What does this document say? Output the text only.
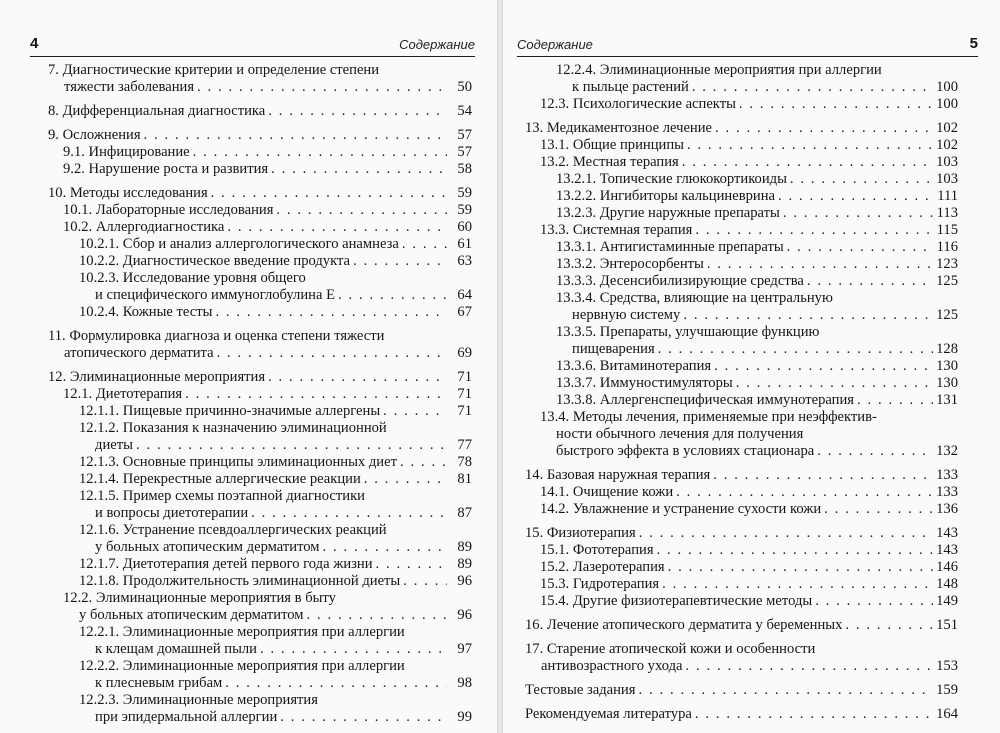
4	Содержание
7. Диагностические критерии и определение степени
тяжести заболевания . . .	50
8. Дифференциальная диагностика . . .	54
9. Осложнения . . .	57
9.1. Инфицирование . . .	57
9.2. Нарушение роста и развития . . .	58
10. Методы исследования . . .	59
10.1. Лабораторные исследования . . .	59
10.2. Аллергодиагностика . . .	60
10.2.1. Сбор и анализ аллергологического анамнеза . . .	61
10.2.2. Диагностическое введение продукта . . .	63
10.2.3. Исследование уровня общего
и специфического иммуноглобулина Е . . .	64
10.2.4. Кожные тесты . . .	67
11. Формулировка диагноза и оценка степени тяжести
атопического дерматита . . .	69
12. Элиминационные мероприятия . . .	71
12.1. Диетотерапия . . .	71
12.1.1. Пищевые причинно-значимые аллергены . . .	71
12.1.2. Показания к назначению элиминационной
диеты . . .	77
12.1.3. Основные принципы элиминационных диет . . .	78
12.1.4. Перекрестные аллергические реакции . . .	81
12.1.5. Пример схемы поэтапной диагностики
и вопросы диетотерапии . . .	87
12.1.6. Устранение псевдоаллергических реакций
у больных атопическим дерматитом . . .	89
12.1.7. Диетотерапия детей первого года жизни . . .	89
12.1.8. Продолжительность элиминационной диеты . . .	96
12.2. Элиминационные мероприятия в быту
у больных атопическим дерматитом . . .	96
12.2.1. Элиминационные мероприятия при аллергии
к клещам домашней пыли . . .	97
12.2.2. Элиминационные мероприятия при аллергии
к плесневым грибам . . .	98
12.2.3. Элиминационные мероприятия
при эпидермальной аллергии . . .	99
Содержание	5
12.2.4. Элиминационные мероприятия при аллергии
к пыльце растений . . .	100
12.3. Психологические аспекты . . .	100
13. Медикаментозное лечение . . .	102
13.1. Общие принципы . . .	102
13.2. Местная терапия . . .	103
13.2.1. Топические глюкокортикоиды . . .	103
13.2.2. Ингибиторы кальциневрина . . .	111
13.2.3. Другие наружные препараты . . .	113
13.3. Системная терапия . . .	115
13.3.1. Антигистаминные препараты . . .	116
13.3.2. Энтеросорбенты . . .	123
13.3.3. Десенсибилизирующие средства . . .	125
13.3.4. Средства, влияющие на центральную
нервную систему . . .	125
13.3.5. Препараты, улучшающие функцию
пищеварения . . .	128
13.3.6. Витаминотерапия . . .	130
13.3.7. Иммуностимуляторы . . .	130
13.3.8. Аллергенспецифическая иммунотерапия . . .	131
13.4. Методы лечения, применяемые при неэффектив-
ности обычного лечения для получения
быстрого эффекта в условиях стационара . . .	132
14. Базовая наружная терапия . . .	133
14.1. Очищение кожи . . .	133
14.2. Увлажнение и устранение сухости кожи . . .	136
15. Физиотерапия . . .	143
15.1. Фототерапия . . .	143
15.2. Лазеротерапия . . .	146
15.3. Гидротерапия . . .	148
15.4. Другие физиотерапевтические методы . . .	149
16. Лечение атопического дерматита у беременных . . .	151
17. Старение атопической кожи и особенности
антивозрастного ухода . . .	153
Тестовые задания . . .	159
Рекомендуемая литература . . .	164
